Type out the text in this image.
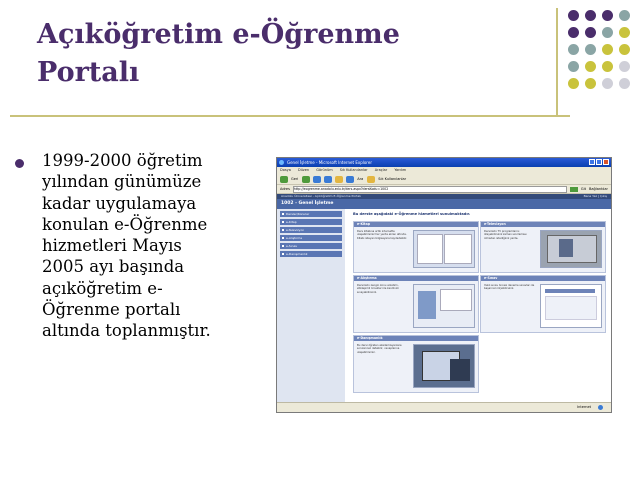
Açıköğretim e-Öğrenme
Portalı
1999-2000 öğretim
yılından günümüze
kadar uygulamaya
konulan e-Öğrenme
hizmetleri Mayıs
2005 ayı başında
açıköğretim e-
Öğrenme portalı
altında toplanmıştır.
Genel İşletme - Microsoft Internet Explorer
Dosya Düzen Görünüm Sık Kullanılanlar Araçlar Yardım
Geri	Ara	Sık Kullanılanlar
Adres	http://eogrenme.anadolu.edu.tr/ders.aspx?dersKodu=1002	Git Bağlantılar
Anadolu Üniversitesi - Açıköğretim E-Öğrenme Portalı	Bana Yaz | Çıkış
1002 - Genel İşletme
Dersler/Konular
e-Kitap
e-Televizyon
e-Alıştırma
e-Sınav
e-Danışmanlık
Bu derste aşağıdaki e-Öğrenme hizmetleri sunulmaktadır.
e-Kitap
Ders kitabına artık internette ulaşabilirsiniz her yerde ekran altında. Kitabı isteyen bilgisayara kaydedebilir.
e-Televizyon
Dersinizin TV programlarını izleyebilirsiniz zaman sınırlaması olmadan istediğiniz yerde.
e-Alıştırma
Dersinizin zengin konu anlatımı, etkileşimli örnekleri ile kendinizi sınayabilirsiniz.
e-Sınav
Yazılı sınav öncesi deneme sınavları ile başarınızı ölçebilirsiniz.
e-Danışmanlık
Bu dersi öğreten akademisyenlere sorularınızı iletebilir, cevaplarına ulaşabilirsiniz.
Internet
